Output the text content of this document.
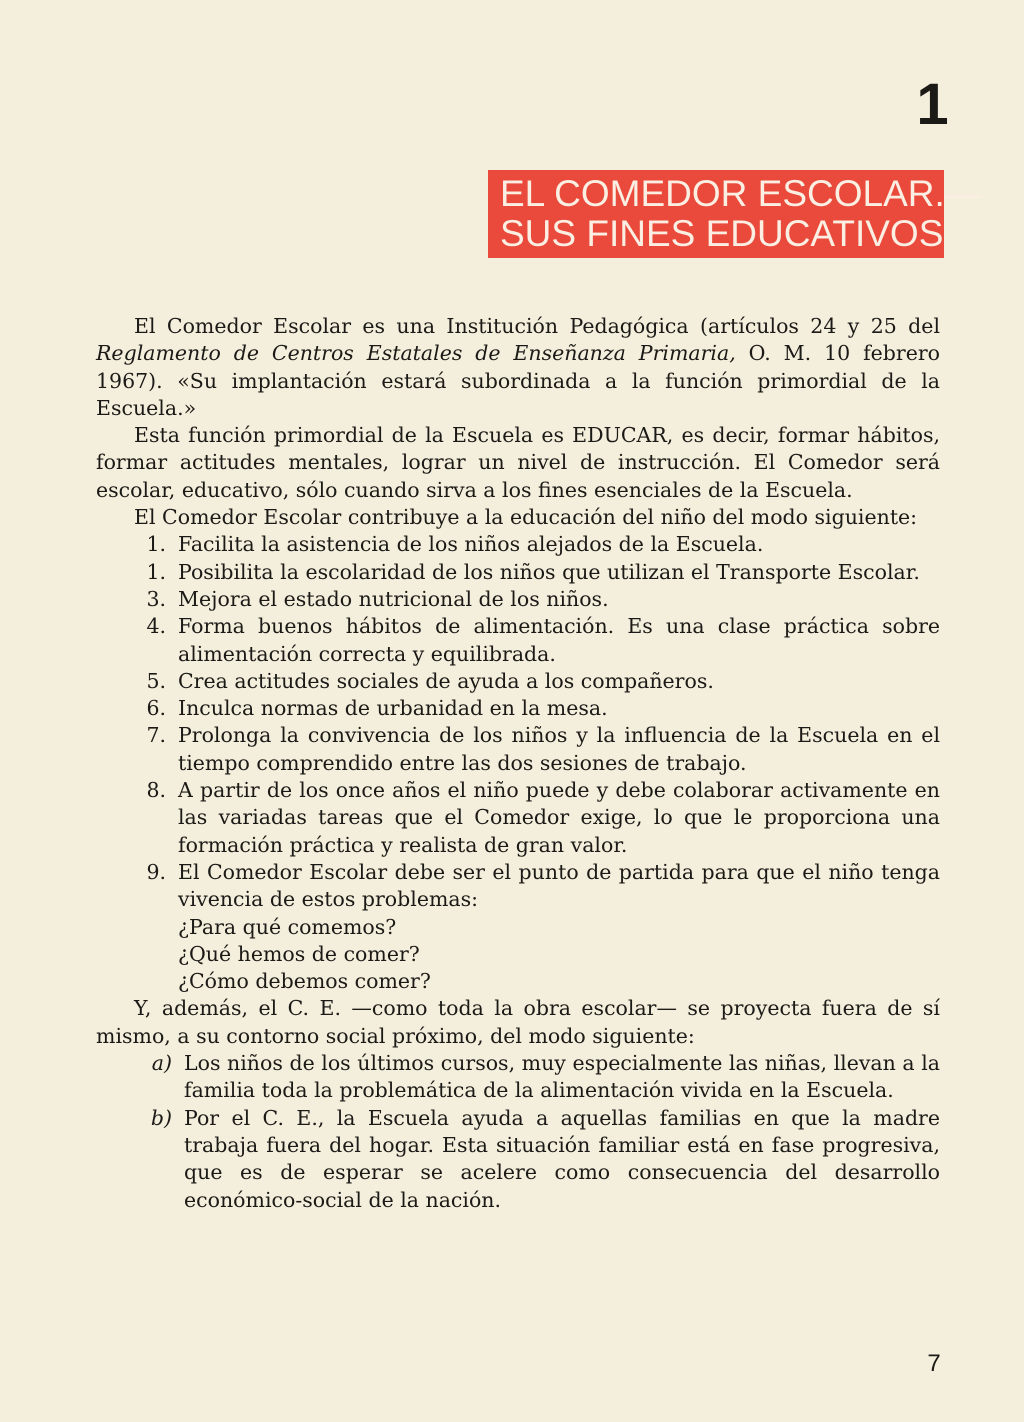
1
EL COMEDOR ESCOLAR.—
SUS FINES EDUCATIVOS

El Comedor Escolar es una Institución Pedagógica (artículos 24 y 25 del Reglamento de Centros Estatales de Enseñanza Primaria, O. M. 10 febrero 1967). «Su implantación estará subordinada a la función primordial de la Escuela.»

Esta función primordial de la Escuela es EDUCAR, es decir, formar hábitos, formar actitudes mentales, lograr un nivel de instrucción. El Comedor será escolar, educativo, sólo cuando sirva a los fines esenciales de la Escuela.

El Comedor Escolar contribuye a la educación del niño del modo siguiente:

1. Facilita la asistencia de los niños alejados de la Escuela.
1. Posibilita la escolaridad de los niños que utilizan el Transporte Escolar.
3. Mejora el estado nutricional de los niños.
4. Forma buenos hábitos de alimentación. Es una clase práctica sobre alimentación correcta y equilibrada.
5. Crea actitudes sociales de ayuda a los compañeros.
6. Inculca normas de urbanidad en la mesa.
7. Prolonga la convivencia de los niños y la influencia de la Escuela en el tiempo comprendido entre las dos sesiones de trabajo.
8. A partir de los once años el niño puede y debe colaborar activamente en las variadas tareas que el Comedor exige, lo que le proporciona una formación práctica y realista de gran valor.
9. El Comedor Escolar debe ser el punto de partida para que el niño tenga vivencia de estos problemas:
¿Para qué comemos?
¿Qué hemos de comer?
¿Cómo debemos comer?

Y, además, el C. E. —como toda la obra escolar— se proyecta fuera de sí mismo, a su contorno social próximo, del modo siguiente:

a) Los niños de los últimos cursos, muy especialmente las niñas, llevan a la familia toda la problemática de la alimentación vivida en la Escuela.
b) Por el C. E., la Escuela ayuda a aquellas familias en que la madre trabaja fuera del hogar. Esta situación familiar está en fase progresiva, que es de esperar se acelere como consecuencia del desarrollo económico-social de la nación.
7
